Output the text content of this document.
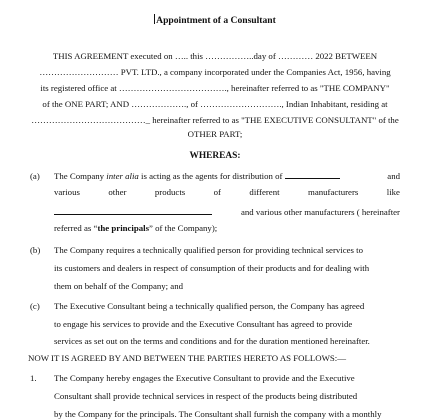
Appointment of a Consultant
THIS AGREEMENT executed on ….. this ……………..day of ………… 2022 BETWEEN
……………………… PVT. LTD., a company incorporated under the Companies Act, 1956, having
its registered office at ………………………………., hereinafter referred to as "THE COMPANY"
of the ONE PART; AND ………………., of ………………………., Indian Inhabitant, residing at
…………………………………_ hereinafter referred to as "THE EXECUTIVE CONSULTANT" of the
OTHER PART;
WHEREAS:
(a) The Company inter alia is acting as the agents for distribution of	and
various	other	products	of	different	manufacturers	like
and various other manufacturers ( hereinafter
referred as “the principals” of the Company);
(b) The Company requires a technically qualified person for providing technical services to
its customers and dealers in respect of consumption of their products and for dealing with
them on behalf of the Company; and
(c) The Executive Consultant being a technically qualified person, the Company has agreed
to engage his services to provide and the Executive Consultant has agreed to provide
services as set out on the terms and conditions and for the duration mentioned hereinafter.
NOW IT IS AGREED BY AND BETWEEN THE PARTIES HERETO AS FOLLOWS:—
1. The Company hereby engages the Executive Consultant to provide and the Executive
Consultant shall provide technical services in respect of the products being distributed
by the Company for the principals. The Consultant shall furnish the company with a monthly
